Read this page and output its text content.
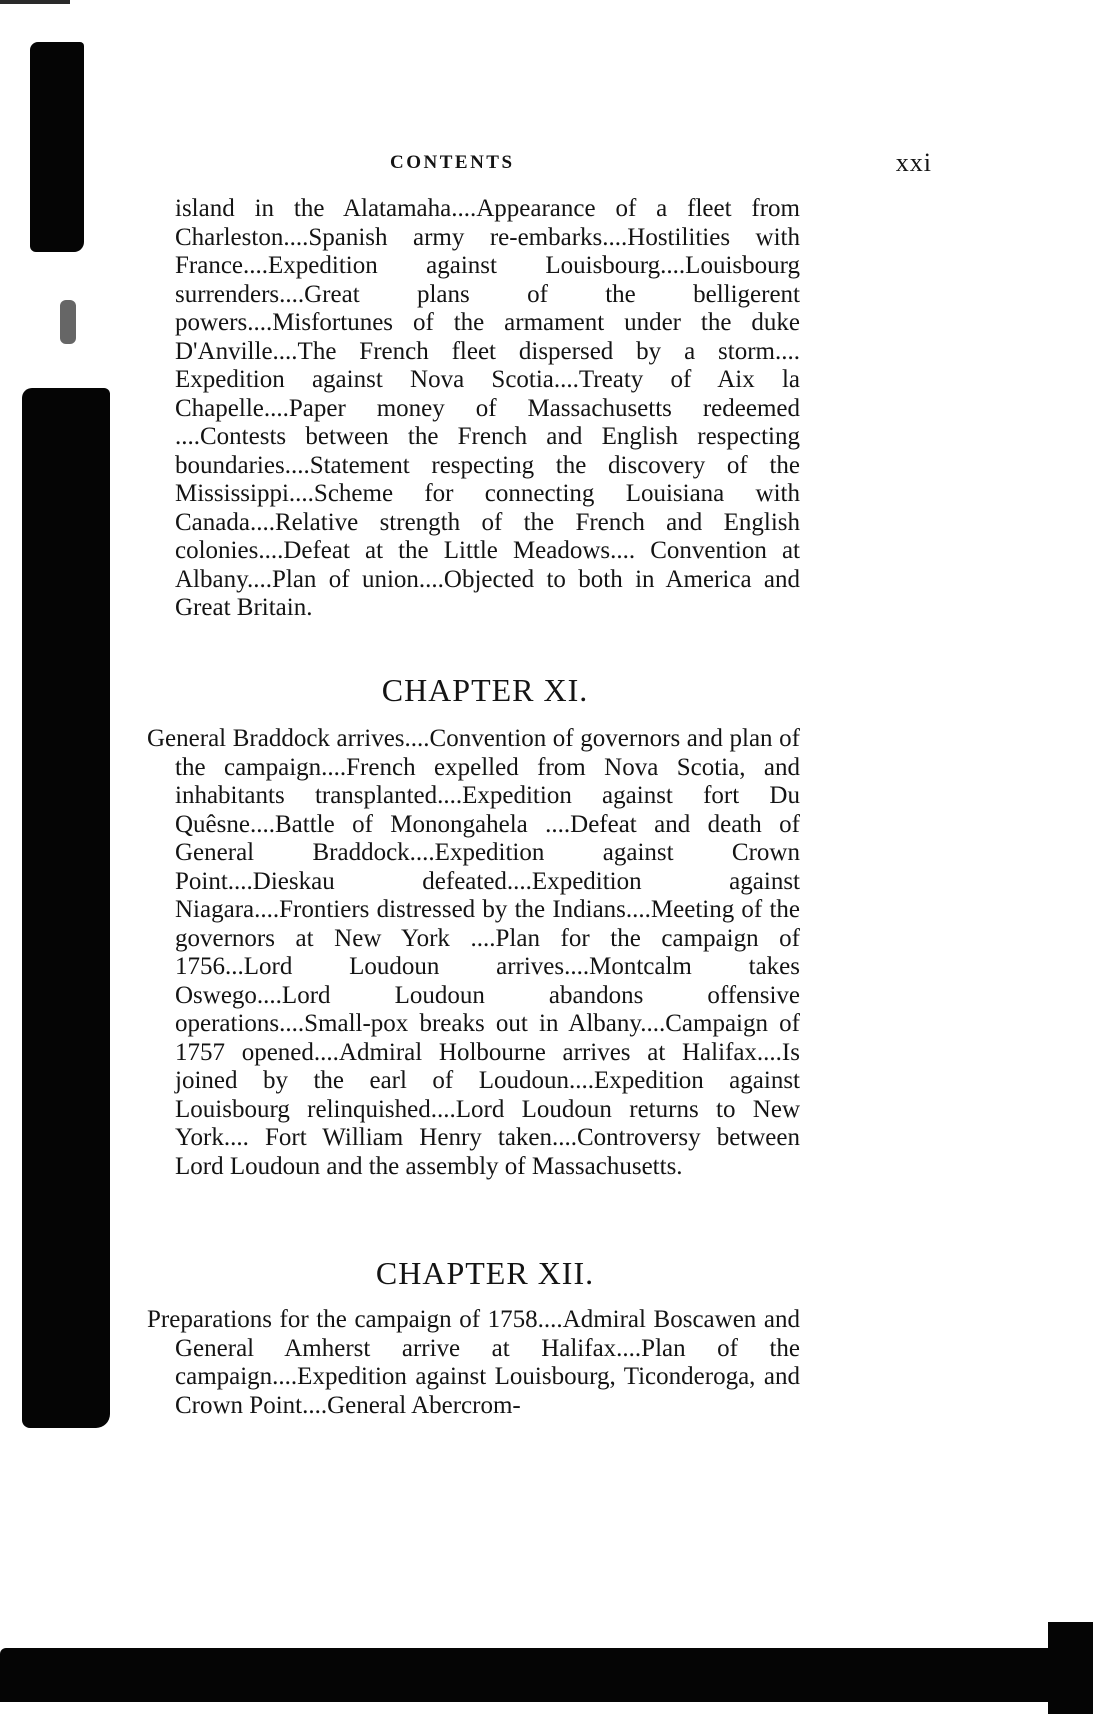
CONTENTS	xxi

island in the Alatamaha....Appearance of a fleet from Charleston....Spanish army re-embarks....Hostilities with France....Expedition against Louisbourg....Louisbourg surrenders....Great plans of the belligerent powers....Misfortunes of the armament under the duke D'Anville....The French fleet dispersed by a storm.... Expedition against Nova Scotia....Treaty of Aix la Chapelle....Paper money of Massachusetts redeemed ....Contests between the French and English respecting boundaries....Statement respecting the discovery of the Mississippi....Scheme for connecting Louisiana with Canada....Relative strength of the French and English colonies....Defeat at the Little Meadows.... Convention at Albany....Plan of union....Objected to both in America and Great Britain.

CHAPTER XI.

General Braddock arrives....Convention of governors and plan of the campaign....French expelled from Nova Scotia, and inhabitants transplanted....Expedition against fort Du Quêsne....Battle of Monongahela ....Defeat and death of General Braddock....Expedition against Crown Point....Dieskau defeated....Expedition against Niagara....Frontiers distressed by the Indians....Meeting of the governors at New York ....Plan for the campaign of 1756...Lord Loudoun arrives....Montcalm takes Oswego....Lord Loudoun abandons offensive operations....Small-pox breaks out in Albany....Campaign of 1757 opened....Admiral Holbourne arrives at Halifax....Is joined by the earl of Loudoun....Expedition against Louisbourg relinquished....Lord Loudoun returns to New York.... Fort William Henry taken....Controversy between Lord Loudoun and the assembly of Massachusetts.

CHAPTER XII.

Preparations for the campaign of 1758....Admiral Boscawen and General Amherst arrive at Halifax....Plan of the campaign....Expedition against Louisbourg, Ticonderoga, and Crown Point....General Abercrom-
